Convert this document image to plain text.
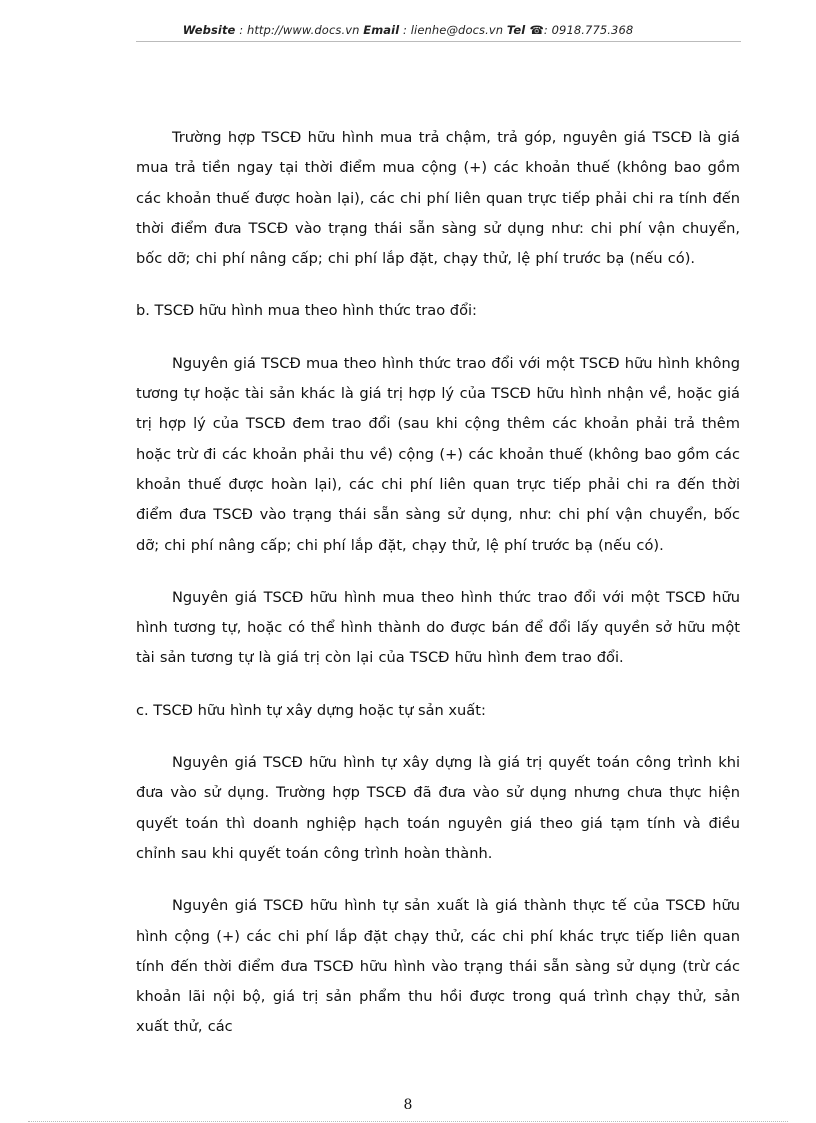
Website : http://www.docs.vn Email : lienhe@docs.vn Tel ☎: 0918.775.368

Trường hợp TSCĐ hữu hình mua trả chậm, trả góp, nguyên giá TSCĐ là giá mua trả tiền ngay tại thời điểm mua cộng (+) các khoản thuế (không bao gồm các khoản thuế được hoàn lại), các chi phí liên quan trực tiếp phải chi ra tính đến thời điểm đưa TSCĐ vào trạng thái sẵn sàng sử dụng như: chi phí vận chuyển, bốc dỡ; chi phí nâng cấp; chi phí lắp đặt, chạy thử, lệ phí trước bạ (nếu có).

b. TSCĐ hữu hình mua theo hình thức trao đổi:

Nguyên giá TSCĐ mua theo hình thức trao đổi với một TSCĐ hữu hình không tương tự hoặc tài sản khác là giá trị hợp lý của TSCĐ hữu hình nhận về, hoặc giá trị hợp lý của TSCĐ đem trao đổi (sau khi cộng thêm các khoản phải trả thêm hoặc trừ đi các khoản phải thu về) cộng (+) các khoản thuế (không bao gồm các khoản thuế được hoàn lại), các chi phí liên quan trực tiếp phải chi ra đến thời điểm đưa TSCĐ vào trạng thái sẵn sàng sử dụng, như: chi phí vận chuyển, bốc dỡ; chi phí nâng cấp; chi phí lắp đặt, chạy thử, lệ phí trước bạ (nếu có).

Nguyên giá TSCĐ hữu hình mua theo hình thức trao đổi với một TSCĐ hữu hình tương tự, hoặc có thể hình thành do được bán để đổi lấy quyền sở hữu một tài sản tương tự là giá trị còn lại của TSCĐ hữu hình đem trao đổi.

c. TSCĐ hữu hình tự xây dựng hoặc tự sản xuất:

Nguyên giá TSCĐ hữu hình tự xây dựng là giá trị quyết toán công trình khi đưa vào sử dụng. Trường hợp TSCĐ đã đưa vào sử dụng nhưng chưa thực hiện quyết toán thì doanh nghiệp hạch toán nguyên giá theo giá tạm tính và điều chỉnh sau khi quyết toán công trình hoàn thành.

Nguyên giá TSCĐ hữu hình tự sản xuất là giá thành thực tế của TSCĐ hữu hình cộng (+) các chi phí lắp đặt chạy thử, các chi phí khác trực tiếp liên quan tính đến thời điểm đưa TSCĐ hữu hình vào trạng thái sẵn sàng sử dụng (trừ các khoản lãi nội bộ, giá trị sản phẩm thu hồi được trong quá trình chạy thử, sản xuất thử, các

8
